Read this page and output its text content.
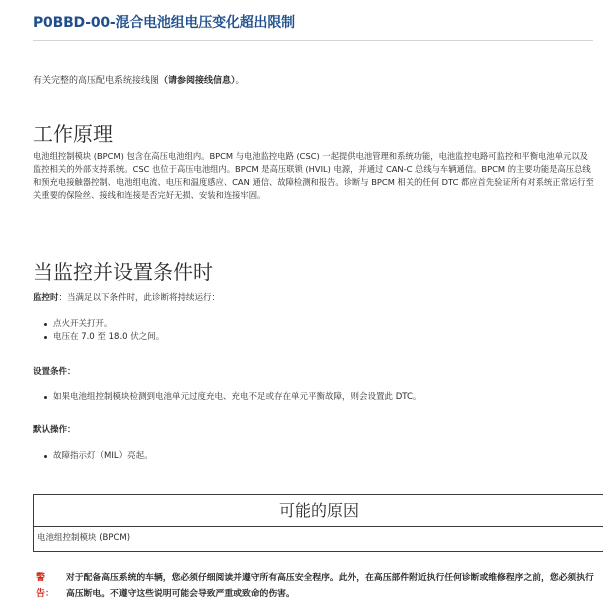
P0BBD-00-混合电池组电压变化超出限制
有关完整的高压配电系统接线图（请参阅接线信息）。
工作原理
电池组控制模块 (BPCM) 包含在高压电池组内。BPCM 与电池监控电路 (CSC) 一起提供电池管理和系统功能，电池监控电路可监控和平衡电池单元以及监控相关的外部支持系统。CSC 也位于高压电池组内。BPCM 是高压联锁 (HVIL) 电源，并通过 CAN-C 总线与车辆通信。BPCM 的主要功能是高压总线和预充电接触器控制、电池组电流、电压和温度感应、CAN 通信、故障检测和报告。诊断与 BPCM 相关的任何 DTC 都应首先验证所有对系统正常运行至关重要的保险丝、接线和连接是否完好无损、安装和连接牢固。
当监控并设置条件时
监控时：当满足以下条件时，此诊断将持续运行：
点火开关打开。
电压在 7.0 至 18.0 伏之间。
设置条件：
如果电池组控制模块检测到电池单元过度充电、充电不足或存在单元平衡故障，则会设置此 DTC。
默认操作：
故障指示灯（MIL）亮起。
可能的原因
电池组控制模块 (BPCM)
警告：
对于配备高压系统的车辆，您必须仔细阅读并遵守所有高压安全程序。此外，在高压部件附近执行任何诊断或维修程序之前，您必须执行高压断电。不遵守这些说明可能会导致严重或致命的伤害。
